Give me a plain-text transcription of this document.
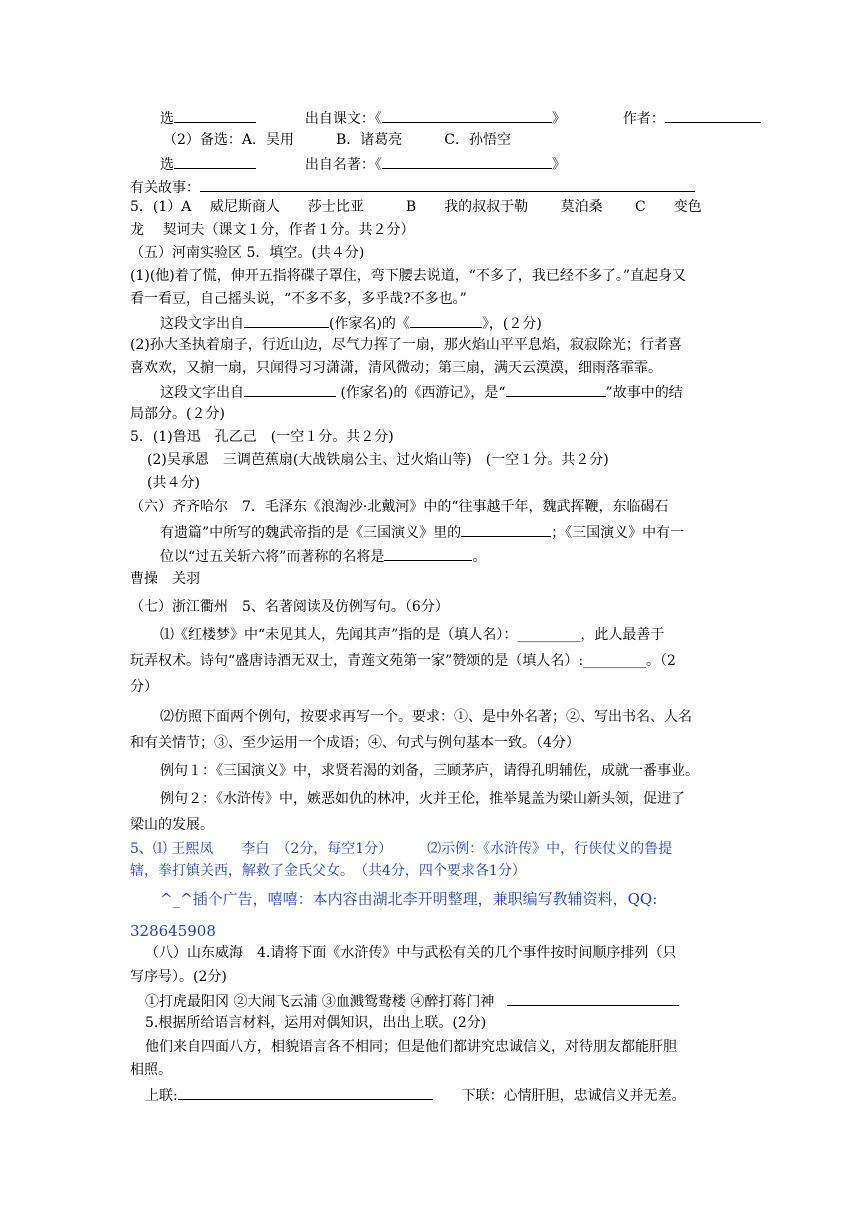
选	出自课文：《	》	作者：
（2）备选：A．吴用　　　B．诸葛亮　　　C．孙悟空
选	出自名著：《	》
有关故事：
5．(1）A　 威尼斯商人　　莎士比亚　　　B　　我的叔叔于勒　　 莫泊桑　　 C　　变色
龙　 契诃夫（课文１分，作者１分。共２分）
（五）河南实验区 5．填空。(共４分)
(1)(他)着了慌，伸开五指将碟子罩住，弯下腰去说道，“不多了，我已经不多了。”直起身又
看一看豆，自己摇头说，“不多不多，多乎哉?不多也。”
这段文字出自	(作家名)的《	》，(２分)
(2)孙大圣执着扇子，行近山边，尽气力挥了一扇，那火焰山平平息焰，寂寂除光；行者喜
喜欢欢，又掮一扇，只闻得习习潇潇，清风微动；第三扇，满天云漠漠，细雨落霏霏。
这段文字出自	(作家名)的《西游记》，是“	”故事中的结
局部分。(２分)
5．(1)鲁迅　孔乙己　(一空１分。共２分)
(2)吴承恩　三调芭蕉扇(大战铁扇公主、过火焰山等)　(一空１分。共２分)
(共４分)
（六）齐齐哈尔　7．毛泽东《浪淘沙·北戴河》中的“往事越千年，魏武挥鞭，东临碣石
有遗篇”中所写的魏武帝指的是《三国演义》里的	；《三国演义》中有一
位以“过五关斩六将”而著称的名将是	。
曹操　关羽
（七）浙江衢州　5、名著阅读及仿例写句。（6分）
⑴《红楼梦》中“未见其人，先闻其声”指的是（填人名）：_________，此人最善于
玩弄权术。诗句“盛唐诗酒无双士，青莲文苑第一家”赞颂的是（填人名）:_________。（2
分）
⑵仿照下面两个例句，按要求再写一个。要求：①、是中外名著；②、写出书名、人名
和有关情节；③、至少运用一个成语；④、句式与例句基本一致。（4分）
例句１：《三国演义》中，求贤若渴的刘备，三顾茅庐，请得孔明辅佐，成就一番事业。
例句２：《水浒传》中，嫉恶如仇的林冲，火并王伦，推举晁盖为梁山新头领，促进了
梁山的发展。
5、⑴ 王熙凤　　李白　（2分，每空1分）　　　⑵示例：《水浒传》中，行侠仗义的鲁提
辖，拳打镇关西，解救了金氏父女。　（共4分，四个要求各1分）
^_^插个广告，嘻嘻：本内容由湖北李开明整理，兼职编写教辅资料，QQ:
328645908
（八）山东威海　4.请将下面《水浒传》中与武松有关的几个事件按时间顺序排列（只
写序号）。(2分)
①打虎最阳冈 ②大闹飞云浦 ③血溅鸳鸯楼 ④醉打蒋门神
5.根据所给语言材料，运用对偶知识，出出上联。(2分)
他们来自四面八方，相貌语言各不相同；但是他们都讲究忠诚信义，对待朋友都能肝胆
相照。
上联:	下联：心情肝胆，忠诚信义并无差。
